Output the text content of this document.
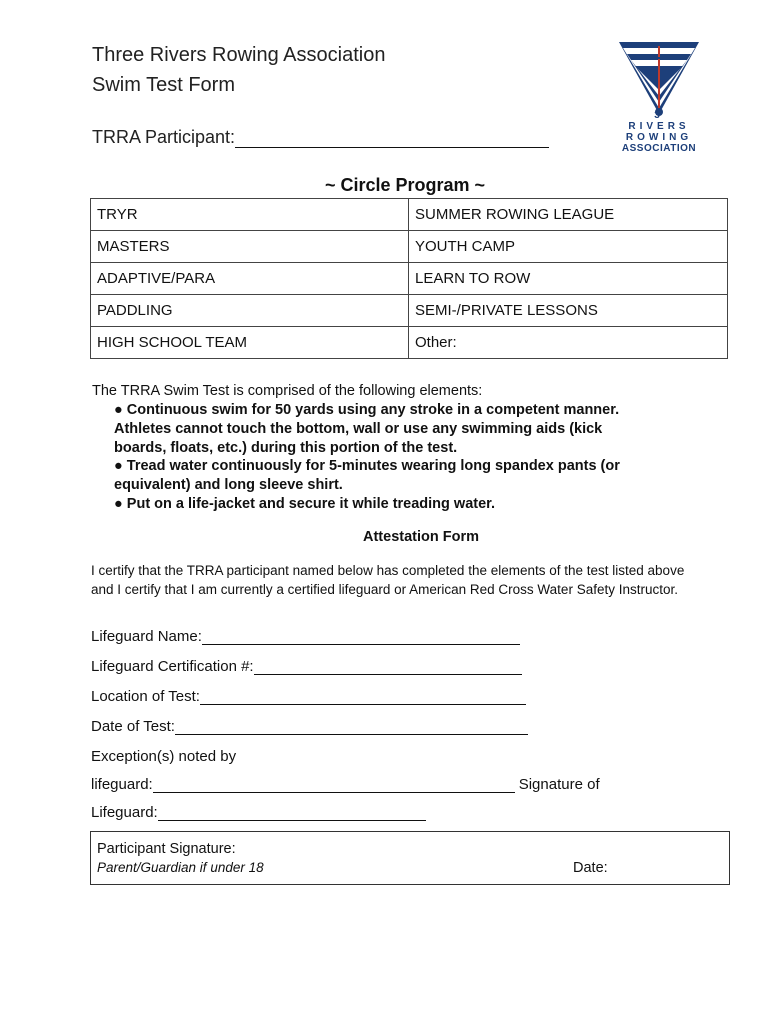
Three Rivers Rowing Association
Swim Test Form
TRRA Participant:
3
RIVERS
ROWING
ASSOCIATION
~ Circle Program ~
TRYR	SUMMER ROWING LEAGUE
MASTERS	YOUTH CAMP
ADAPTIVE/PARA	LEARN TO ROW
PADDLING	SEMI-/PRIVATE LESSONS
HIGH SCHOOL TEAM	Other:
The TRRA Swim Test is comprised of the following elements:

● Continuous swim for 50 yards using any stroke in a competent manner. Athletes cannot touch the bottom, wall or use any swimming aids (kick boards, floats, etc.) during this portion of the test.

● Tread water continuously for 5-minutes wearing long spandex pants (or equivalent) and long sleeve shirt.

● Put on a life-jacket and secure it while treading water.

Attestation Form
I certify that the TRRA participant named below has completed the elements of the test listed above and I certify that I am currently a certified lifeguard or American Red Cross Water Safety Instructor.
Lifeguard Name:
Lifeguard Certification #:
Location of Test:
Date of Test:
Exception(s) noted by
lifeguard:	Signature of
Lifeguard:
Participant Signature:
Parent/Guardian if under 18	Date:
